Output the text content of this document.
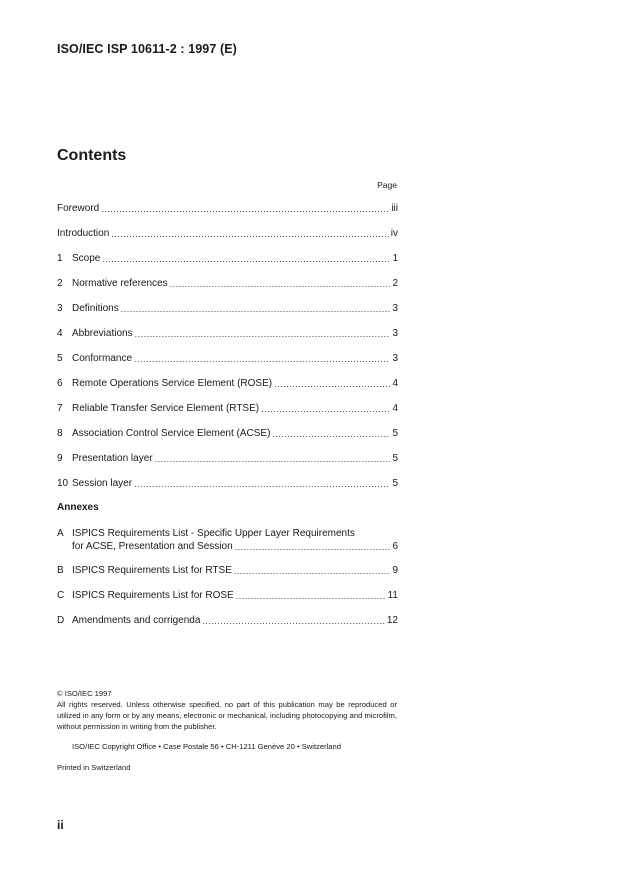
ISO/IEC ISP 10611-2 : 1997 (E)
Contents
Page
Foreword .....	iii
Introduction .....	iv
1 Scope .....	1
2 Normative references .....	2
3 Definitions .....	3
4 Abbreviations .....	3
5 Conformance .....	3
6 Remote Operations Service Element (ROSE) .....	4
7 Reliable Transfer Service Element (RTSE) .....	4
8 Association Control Service Element (ACSE) .....	5
9 Presentation layer .....	5
10 Session layer .....	5
Annexes
A ISPICS Requirements List - Specific Upper Layer Requirements
for ACSE, Presentation and Session .....	6
B ISPICS Requirements List for RTSE .....	9
C ISPICS Requirements List for ROSE .....	11
D Amendments and corrigenda .....	12

© ISO/IEC 1997

All rights reserved. Unless otherwise specified, no part of this publication may be reproduced or utilized in any form or by any means, electronic or mechanical, including photocopying and microfilm, without permission in writing from the publisher.

ISO/IEC Copyright Office • Case Postale 56 • CH-1211 Genève 20 • Switzerland
Printed in Switzerland
ii
